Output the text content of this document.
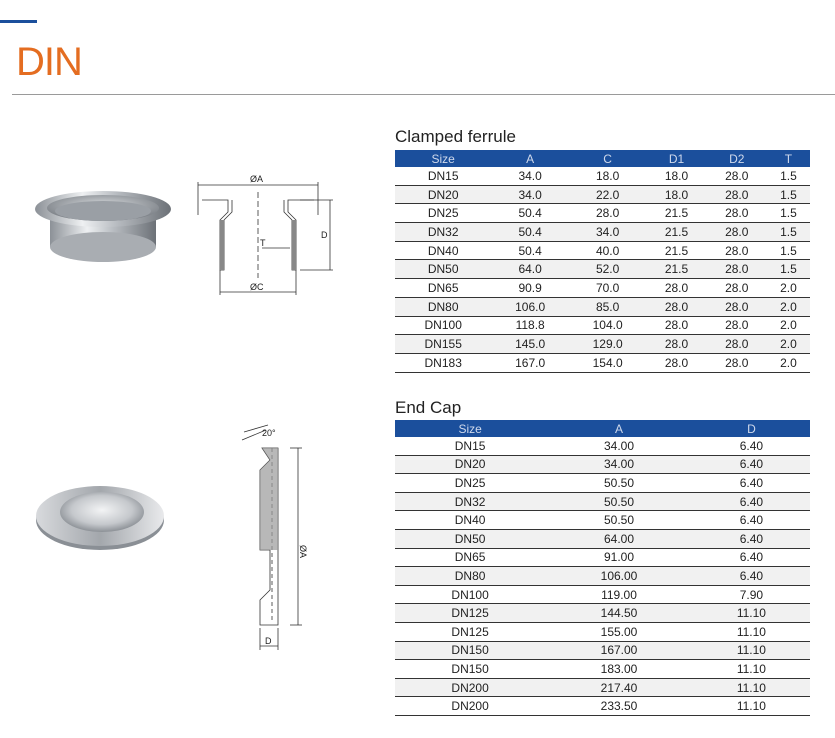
DIN
ØA
ØC
D
T
Clamped ferrule
Size	A	C	D1	D2	T
DN15	34.0	18.0	18.0	28.0	1.5
DN20	34.0	22.0	18.0	28.0	1.5
DN25	50.4	28.0	21.5	28.0	1.5
DN32	50.4	34.0	21.5	28.0	1.5
DN40	50.4	40.0	21.5	28.0	1.5
DN50	64.0	52.0	21.5	28.0	1.5
DN65	90.9	70.0	28.0	28.0	2.0
DN80	106.0	85.0	28.0	28.0	2.0
DN100	118.8	104.0	28.0	28.0	2.0
DN155	145.0	129.0	28.0	28.0	2.0
DN183	167.0	154.0	28.0	28.0	2.0
20°
ØA
D
End Cap
Size	A	D
DN15	34.00	6.40
DN20	34.00	6.40
DN25	50.50	6.40
DN32	50.50	6.40
DN40	50.50	6.40
DN50	64.00	6.40
DN65	91.00	6.40
DN80	106.00	6.40
DN100	119.00	7.90
DN125	144.50	11.10
DN125	155.00	11.10
DN150	167.00	11.10
DN150	183.00	11.10
DN200	217.40	11.10
DN200	233.50	11.10
